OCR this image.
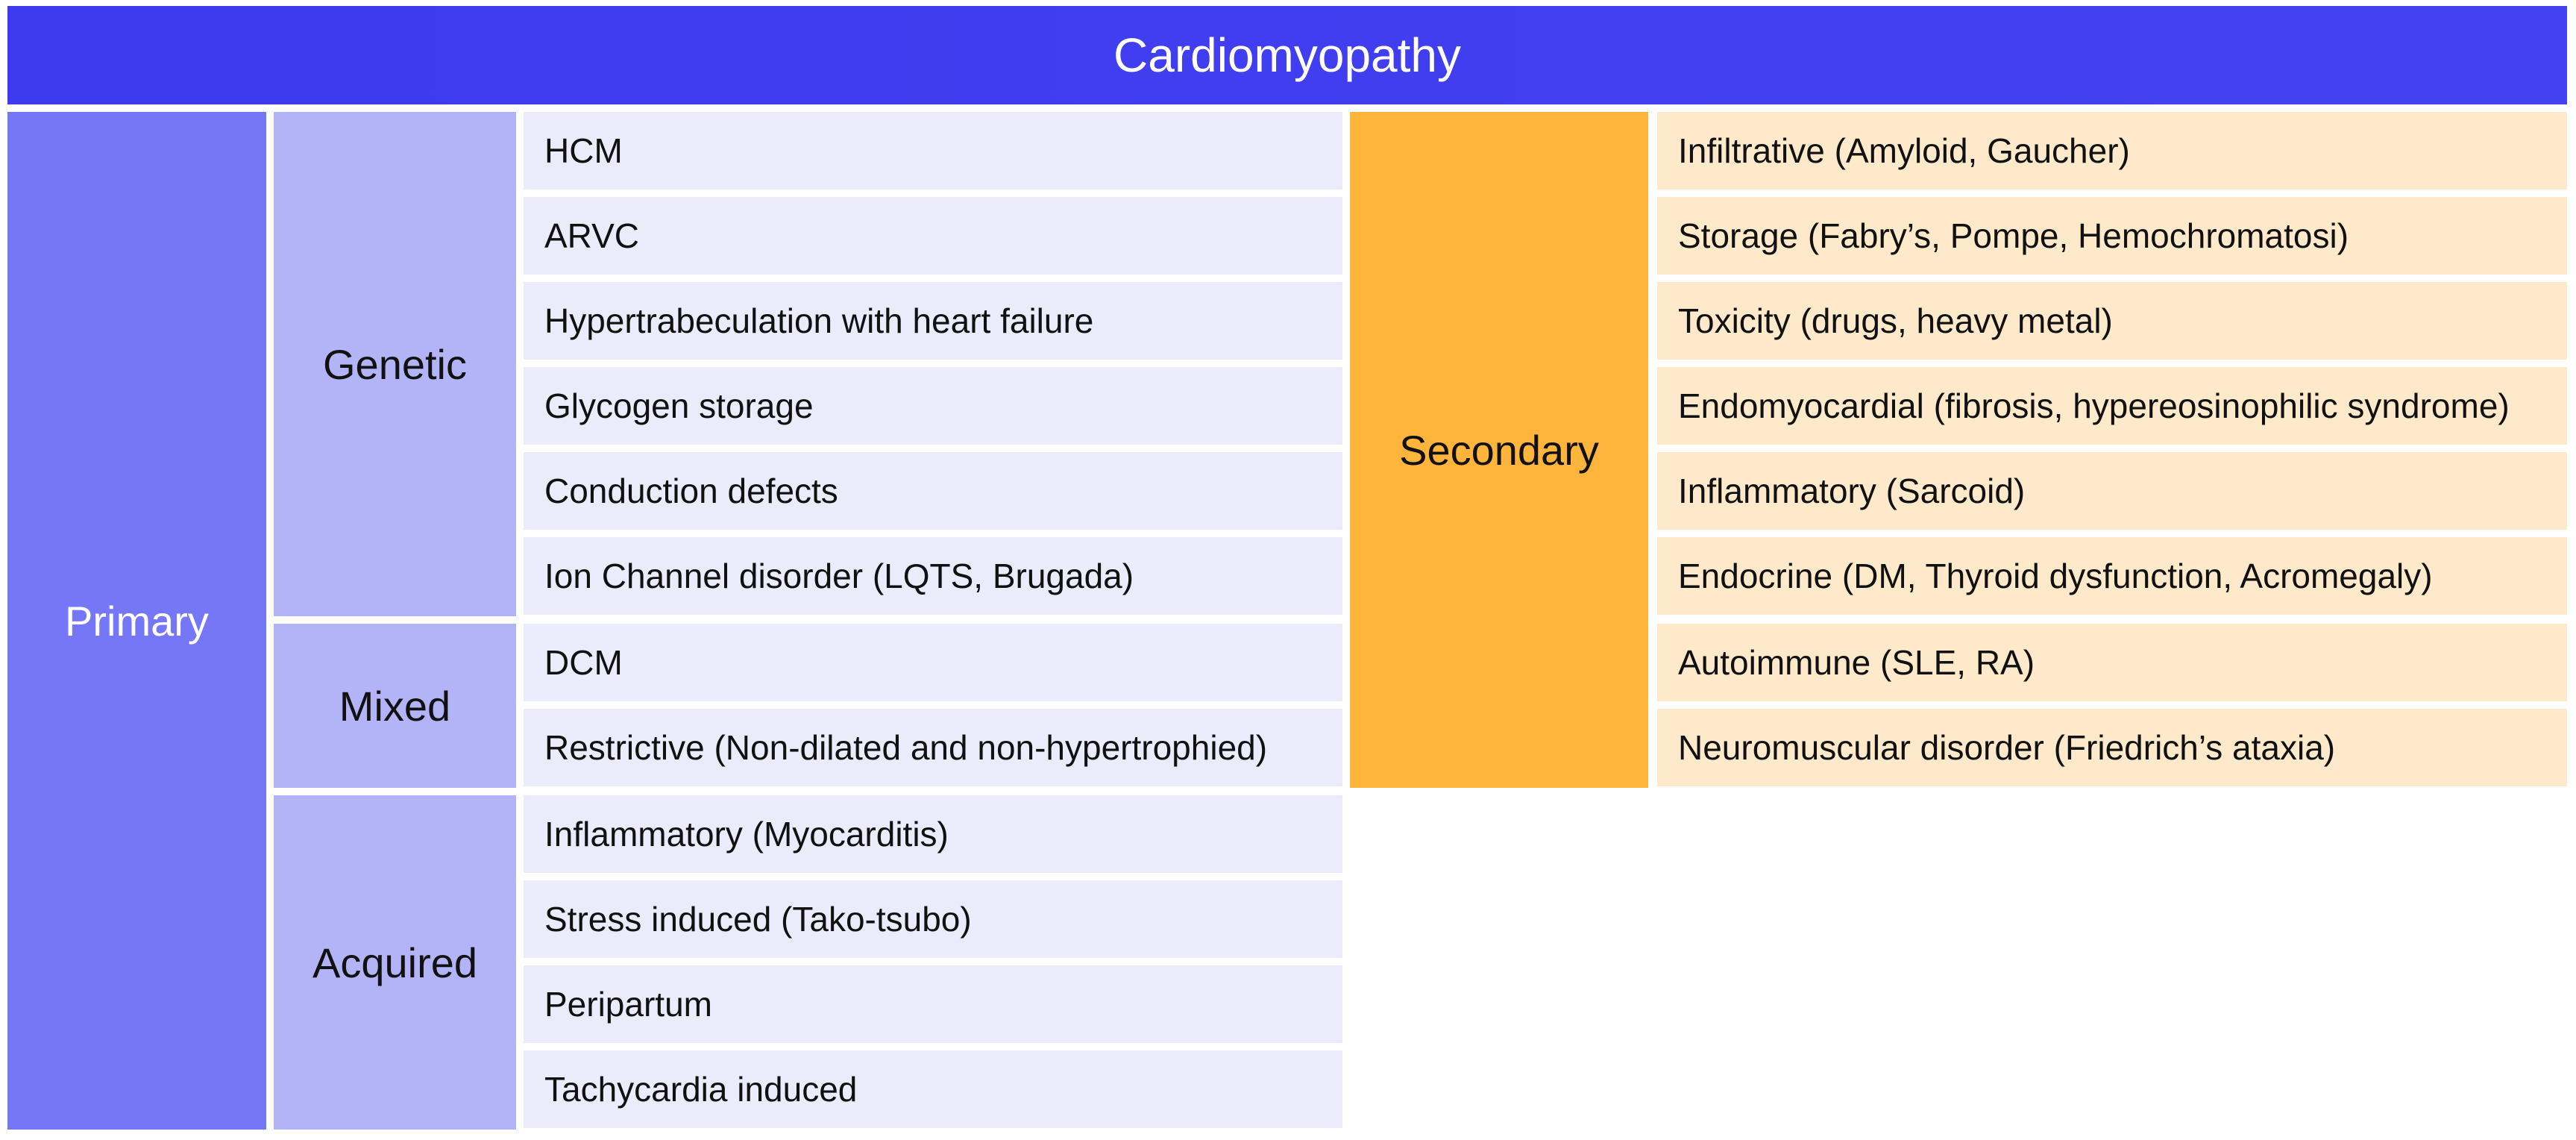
Cardiomyopathy
Primary
Genetic
Mixed
Acquired
HCM
ARVC
Hypertrabeculation with heart failure
Glycogen storage
Conduction defects
Ion Channel disorder (LQTS, Brugada)
DCM
Restrictive (Non-dilated and non-hypertrophied)
Inflammatory (Myocarditis)
Stress induced (Tako-tsubo)
Peripartum
Tachycardia induced
Secondary
Infiltrative (Amyloid, Gaucher)
Storage (Fabry’s, Pompe, Hemochromatosi)
Toxicity (drugs, heavy metal)
Endomyocardial (fibrosis, hypereosinophilic syndrome)
Inflammatory (Sarcoid)
Endocrine (DM, Thyroid dysfunction, Acromegaly)
Autoimmune (SLE, RA)
Neuromuscular disorder (Friedrich’s ataxia)
